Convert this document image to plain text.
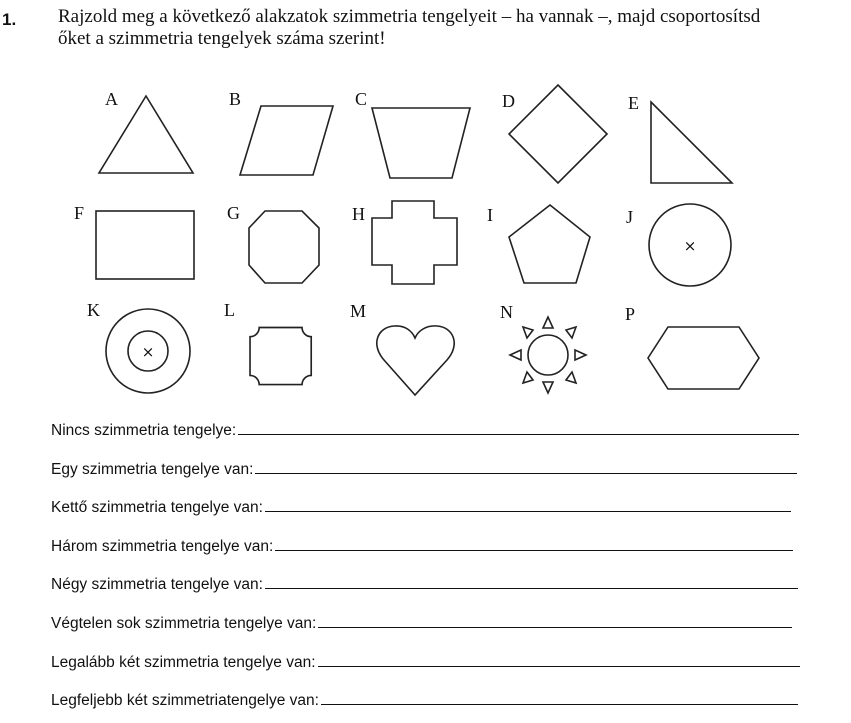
1. Rajzold meg a következő alakzatok szimmetria tengelyeit – ha vannak –, majd csoportosítsd
őket a szimmetria tengelyek száma szerint!
A	B	C	D	E
F	G	H	I	J
K	L	M	N	P
×
×
Nincs szimmetria tengelye:
Egy szimmetria tengelye van:
Kettő szimmetria tengelye van:
Három szimmetria tengelye van:
Négy szimmetria tengelye van:
Végtelen sok szimmetria tengelye van:
Legalább két szimmetria tengelye van:
Legfeljebb két szimmetriatengelye van:
